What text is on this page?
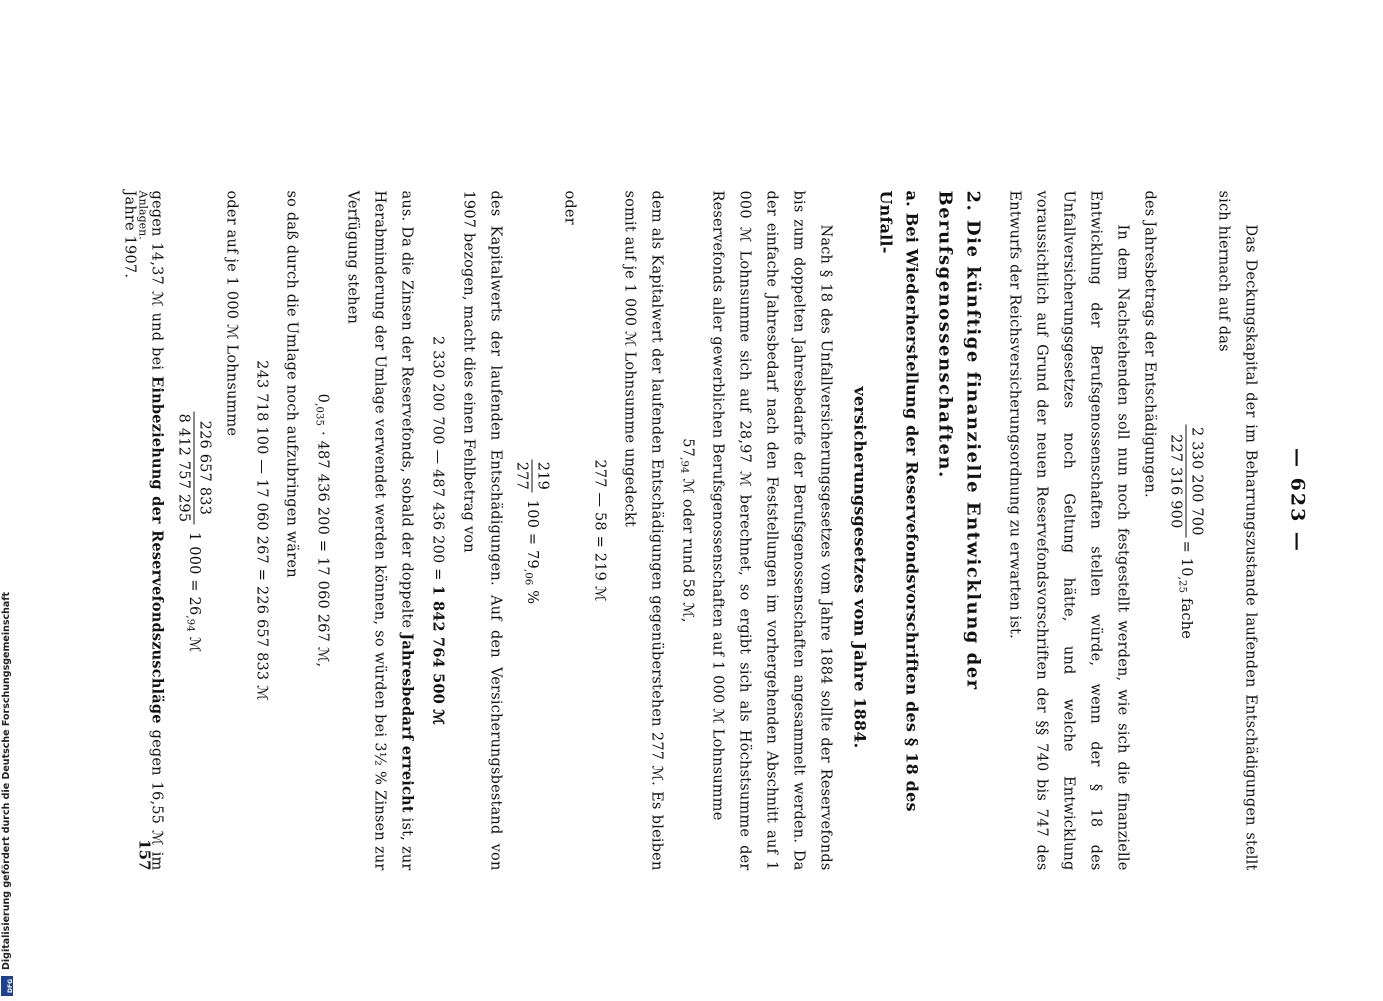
— 623 —

Das Deckungskapital der im Beharrungszustande laufenden Entschädigungen stellt sich hiernach auf das

2 330 200 700
227 316 900
= 10,25 fache

des Jahresbetrags der Entschädigungen.

In dem Nachstehenden soll nun noch festgestellt werden, wie sich die finanzielle Entwicklung der Berufsgenossenschaften stellen würde, wenn der § 18 des Unfallversicherungsgesetzes noch Geltung hätte, und welche Entwicklung voraussichtlich auf Grund der neuen Reservefondsvorschriften der §§ 740 bis 747 des Entwurfs der Reichsversicherungsordnung zu erwarten ist.

2. Die künftige finanzielle Entwicklung der Berufsgenossenschaften.
a. Bei Wiederherstellung der Reservefondsvorschriften des § 18 des Unfall-
versicherungsgesetzes vom Jahre 1884.

Nach § 18 des Unfallversicherungsgesetzes vom Jahre 1884 sollte der Reservefonds bis zum doppelten Jahresbedarfe der Berufsgenossenschaften angesammelt werden. Da der einfache Jahresbedarf nach den Feststellungen im vorhergehenden Abschnitt auf 1 000 ℳ Lohnsumme sich auf 28,97 ℳ berechnet, so ergibt sich als Höchstsumme der Reservefonds aller gewerblichen Berufsgenossenschaften auf 1 000 ℳ Lohnsumme

57,94 ℳ oder rund 58 ℳ,

dem als Kapitalwert der laufenden Entschädigungen gegenüberstehen 277 ℳ. Es bleiben somit auf je 1 000 ℳ Lohnsumme ungedeckt

277 — 58 = 219 ℳ

oder

219
277
100 = 79,06 %

des Kapitalwerts der laufenden Entschädigungen. Auf den Versicherungsbestand von 1907 bezogen, macht dies einen Fehlbetrag von

2 330 200 700 — 487 436 200 = 1 842 764 500 ℳ

aus. Da die Zinsen der Reservefonds, sobald der doppelte Jahresbedarf erreicht ist, zur Herabminderung der Umlage verwendet werden können, so würden bei 3½ % Zinsen zur Verfügung stehen

0,035 · 487 436 200 = 17 060 267 ℳ,

so daß durch die Umlage noch aufzubringen wären

243 718 100 — 17 060 267 = 226 657 833 ℳ

oder auf je 1 000 ℳ Lohnsumme

226 657 833
8 412 757 295
1 000 = 26,94 ℳ

gegen 14,37 ℳ und bei Einbeziehung der Reservefondszuschläge gegen 16,55 ℳ im Jahre 1907. Anlagen.
157
Digitalisierung gefördert durch die Deutsche Forschungsgemeinschaft
DFG
